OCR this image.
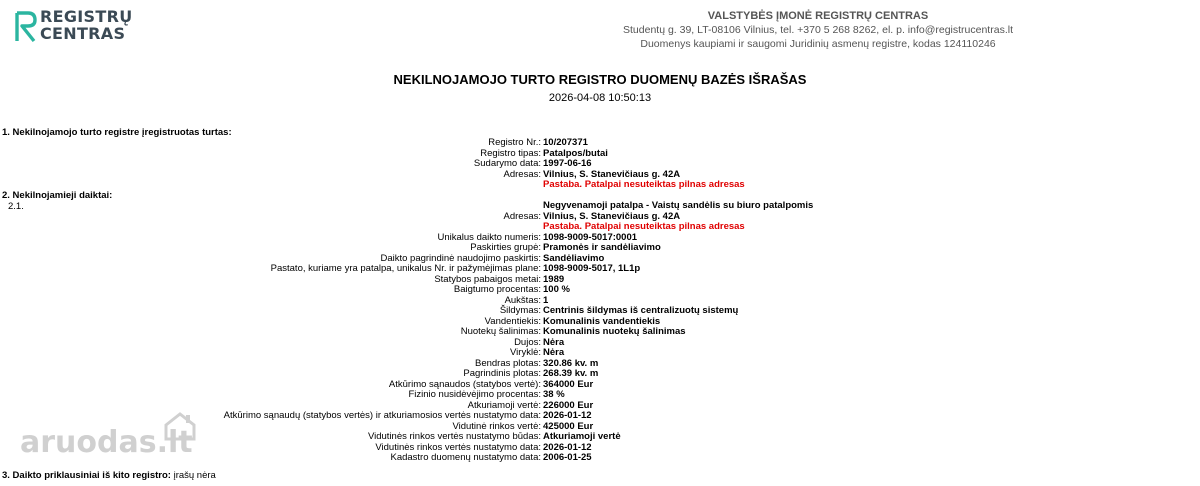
REGISTRŲ
CENTRAS
VALSTYBĖS ĮMONĖ REGISTRŲ CENTRAS
Studentų g. 39, LT-08106 Vilnius, tel. +370 5 268 8262, el. p. info@registrucentras.lt
Duomenys kaupiami ir saugomi Juridinių asmenų registre, kodas 124110246
NEKILNOJAMOJO TURTO REGISTRO DUOMENŲ BAZĖS IŠRAŠAS
2026-04-08 10:50:13
1. Nekilnojamojo turto registre įregistruotas turtas:
Registro Nr.: 10/207371
Registro tipas: Patalpos/butai
Sudarymo data: 1997-06-16
Adresas: Vilnius, S. Stanevičiaus g. 42A
Pastaba. Patalpai nesuteiktas pilnas adresas
2. Nekilnojamieji daiktai:
2.1.	Negyvenamoji patalpa - Vaistų sandėlis su biuro patalpomis
Adresas: Vilnius, S. Stanevičiaus g. 42A
Pastaba. Patalpai nesuteiktas pilnas adresas
Unikalus daikto numeris: 1098-9009-5017:0001
Paskirties grupė: Pramonės ir sandėliavimo
Daikto pagrindinė naudojimo paskirtis: Sandėliavimo
Pastato, kuriame yra patalpa, unikalus Nr. ir pažymėjimas plane: 1098-9009-5017, 1L1p
Statybos pabaigos metai: 1989
Baigtumo procentas: 100 %
Aukštas: 1
Šildymas: Centrinis šildymas iš centralizuotų sistemų
Vandentiekis: Komunalinis vandentiekis
Nuotekų šalinimas: Komunalinis nuotekų šalinimas
Dujos: Nėra
Viryklė: Nėra
Bendras plotas: 320.86 kv. m
Pagrindinis plotas: 268.39 kv. m
Atkūrimo sąnaudos (statybos vertė): 364000 Eur
Fizinio nusidėvėjimo procentas: 38 %
Atkuriamoji vertė: 226000 Eur
Atkūrimo sąnaudų (statybos vertės) ir atkuriamosios vertės nustatymo data: 2026-01-12
Vidutinė rinkos vertė: 425000 Eur
Vidutinės rinkos vertės nustatymo būdas: Atkuriamoji vertė
Vidutinės rinkos vertės nustatymo data: 2026-01-12
Kadastro duomenų nustatymo data: 2006-01-25
3. Daikto priklausiniai iš kito registro: įrašų nėra
aruodas.lt
